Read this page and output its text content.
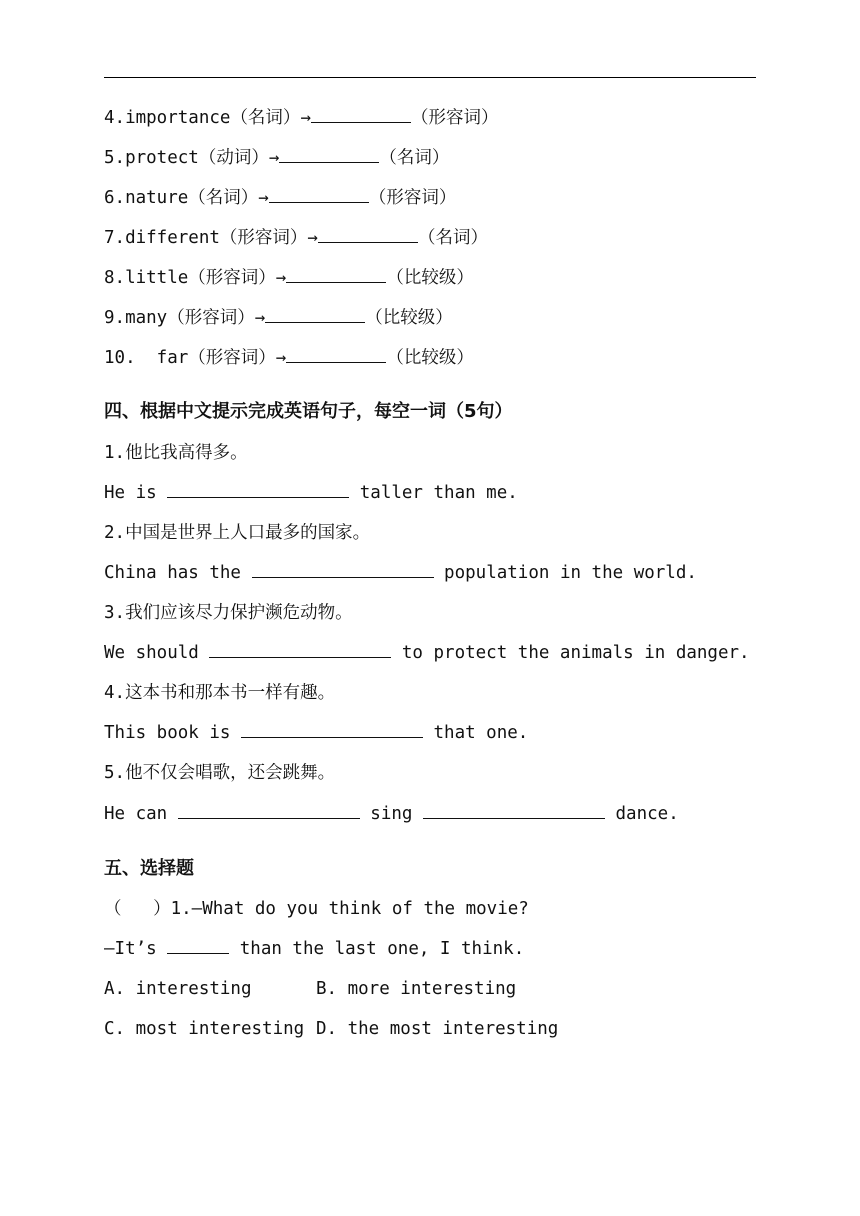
4.importance（名词）→	（形容词）
5.protect（动词）→	（名词）
6.nature（名词）→	（形容词）
7.different（形容词）→	（名词）
8.little（形容词）→	（比较级）
9.many（形容词）→	（比较级）
10.  far（形容词）→	（比较级）
四、根据中文提示完成英语句子，每空一词（5句）
1.他比我高得多。
He is	taller than me.
2.中国是世界上人口最多的国家。
China has the	population in the world.
3.我们应该尽力保护濒危动物。
We should	to protect the animals in danger.
4.这本书和那本书一样有趣。
This book is	that one.
5.他不仅会唱歌，还会跳舞。
He can	sing	dance.
五、选择题
（   ）1.—What do you think of the movie?
—It’s	than the last one, I think.
A. interesting	B. more interesting
C. most interesting D. the most interesting
